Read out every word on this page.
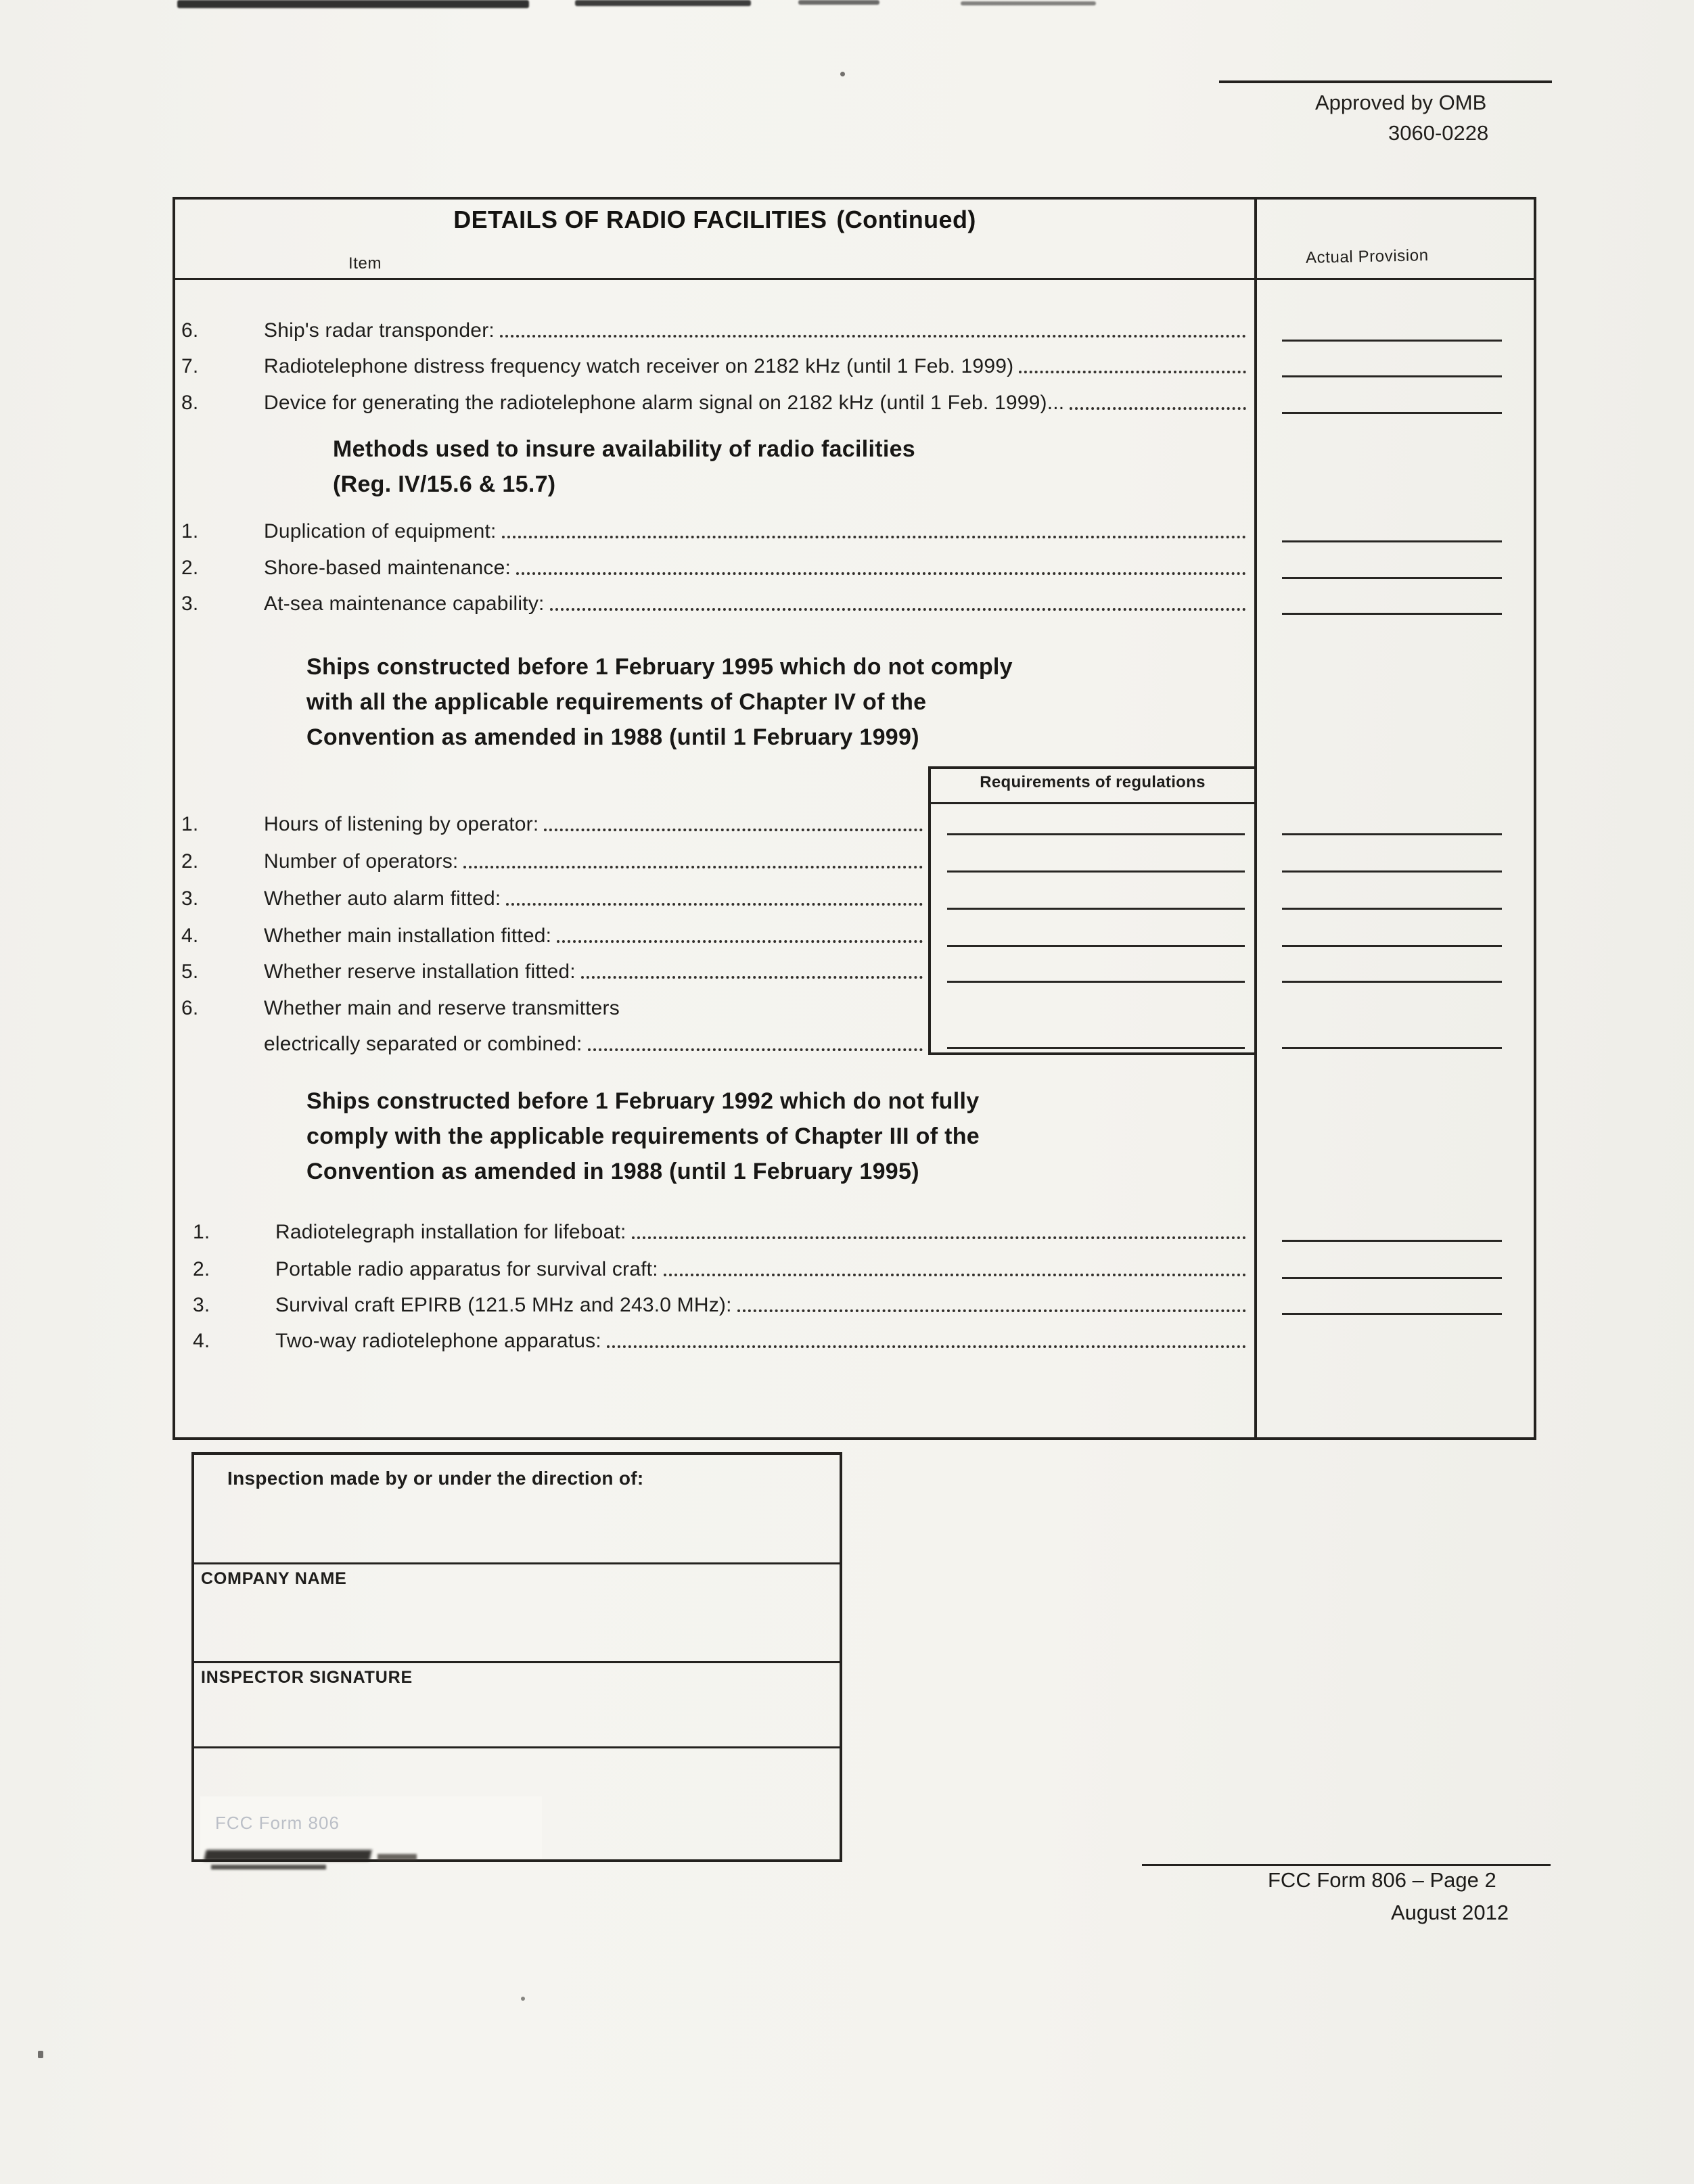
Approved by OMB
3060-0228
DETAILS OF RADIO FACILITIES (Continued)
Item	Actual Provision
6.	Ship's radar transponder:
7.	Radiotelephone distress frequency watch receiver on 2182 kHz (until 1 Feb. 1999)
8.	Device for generating the radiotelephone alarm signal on 2182 kHz (until 1 Feb. 1999)...
Methods used to insure availability of radio facilities
(Reg. IV/15.6 & 15.7)
1.	Duplication of equipment:
2.	Shore-based maintenance:
3.	At-sea maintenance capability:
Ships constructed before 1 February 1995 which do not comply
with all the applicable requirements of Chapter IV of the
Convention as amended in 1988 (until 1 February 1999)
Requirements of regulations
1.	Hours of listening by operator:
2.	Number of operators:
3.	Whether auto alarm fitted:
4.	Whether main installation fitted:
5.	Whether reserve installation fitted:
6.	Whether main and reserve transmitters
electrically separated or combined:
Ships constructed before 1 February 1992 which do not fully
comply with the applicable requirements of Chapter III of the
Convention as amended in 1988 (until 1 February 1995)
1.	Radiotelegraph installation for lifeboat:
2.	Portable radio apparatus for survival craft:
3.	Survival craft EPIRB (121.5 MHz and 243.0 MHz):
4.	Two-way radiotelephone apparatus:
Inspection made by or under the direction of:
COMPANY NAME
INSPECTOR SIGNATURE
FCC Form 806
FCC Form 806 – Page 2
August 2012
